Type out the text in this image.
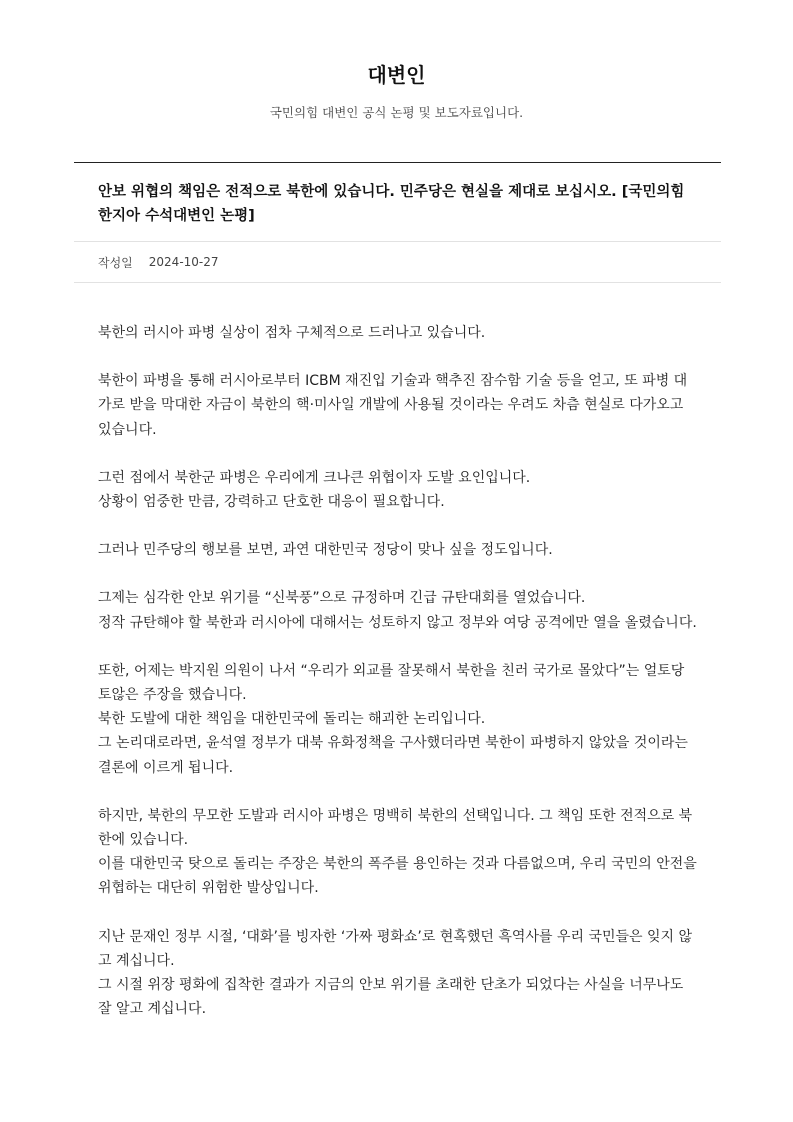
대변인
국민의힘 대변인 공식 논평 및 보도자료입니다.
안보 위협의 책임은 전적으로 북한에 있습니다. 민주당은 현실을 제대로 보십시오. [국민의힘 한지아 수석대변인 논평]
작성일 2024-10-27

북한의 러시아 파병 실상이 점차 구체적으로 드러나고 있습니다.

북한이 파병을 통해 러시아로부터 ICBM 재진입 기술과 핵추진 잠수함 기술 등을 얻고, 또 파병 대가로 받을 막대한 자금이 북한의 핵·미사일 개발에 사용될 것이라는 우려도 차츰 현실로 다가오고 있습니다.

그런 점에서 북한군 파병은 우리에게 크나큰 위협이자 도발 요인입니다.
상황이 엄중한 만큼, 강력하고 단호한 대응이 필요합니다.

그러나 민주당의 행보를 보면, 과연 대한민국 정당이 맞나 싶을 정도입니다.

그제는 심각한 안보 위기를 “신북풍”으로 규정하며 긴급 규탄대회를 열었습니다.
정작 규탄해야 할 북한과 러시아에 대해서는 성토하지 않고 정부와 여당 공격에만 열을 올렸습니다.

또한, 어제는 박지원 의원이 나서 “우리가 외교를 잘못해서 북한을 친러 국가로 몰았다”는 얼토당토않은 주장을 했습니다.
북한 도발에 대한 책임을 대한민국에 돌리는 해괴한 논리입니다.
그 논리대로라면, 윤석열 정부가 대북 유화정책을 구사했더라면 북한이 파병하지 않았을 것이라는 결론에 이르게 됩니다.

하지만, 북한의 무모한 도발과 러시아 파병은 명백히 북한의 선택입니다. 그 책임 또한 전적으로 북한에 있습니다.
이를 대한민국 탓으로 돌리는 주장은 북한의 폭주를 용인하는 것과 다름없으며, 우리 국민의 안전을 위협하는 대단히 위험한 발상입니다.

지난 문재인 정부 시절, ‘대화’를 빙자한 ‘가짜 평화쇼’로 현혹했던 흑역사를 우리 국민들은 잊지 않고 계십니다.
그 시절 위장 평화에 집착한 결과가 지금의 안보 위기를 초래한 단초가 되었다는 사실을 너무나도 잘 알고 계십니다.
